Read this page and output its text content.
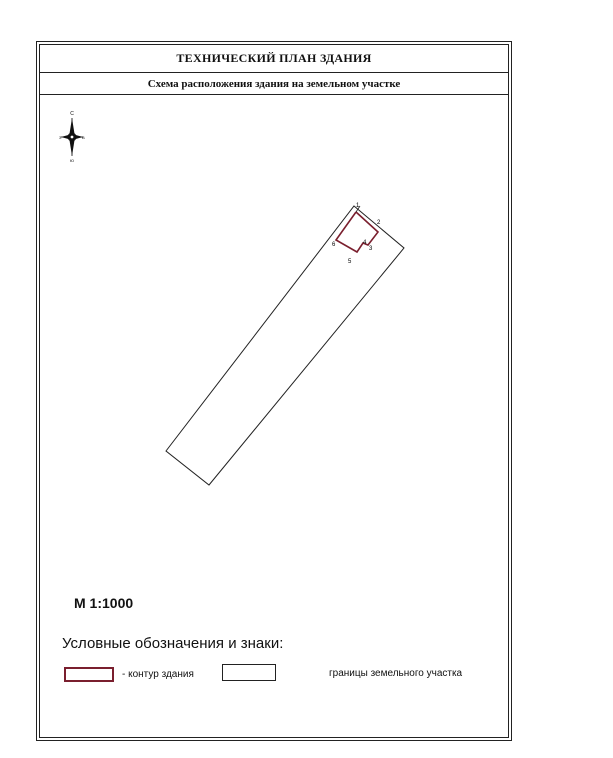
ТЕХНИЧЕСКИЙ ПЛАН ЗДАНИЯ
Схема расположения здания на земельном участке
С
З	В
Ю
1
2
3
4
5
6
М 1:1000
Условные обозначения и знаки:
- контур здания	границы земельного участка
